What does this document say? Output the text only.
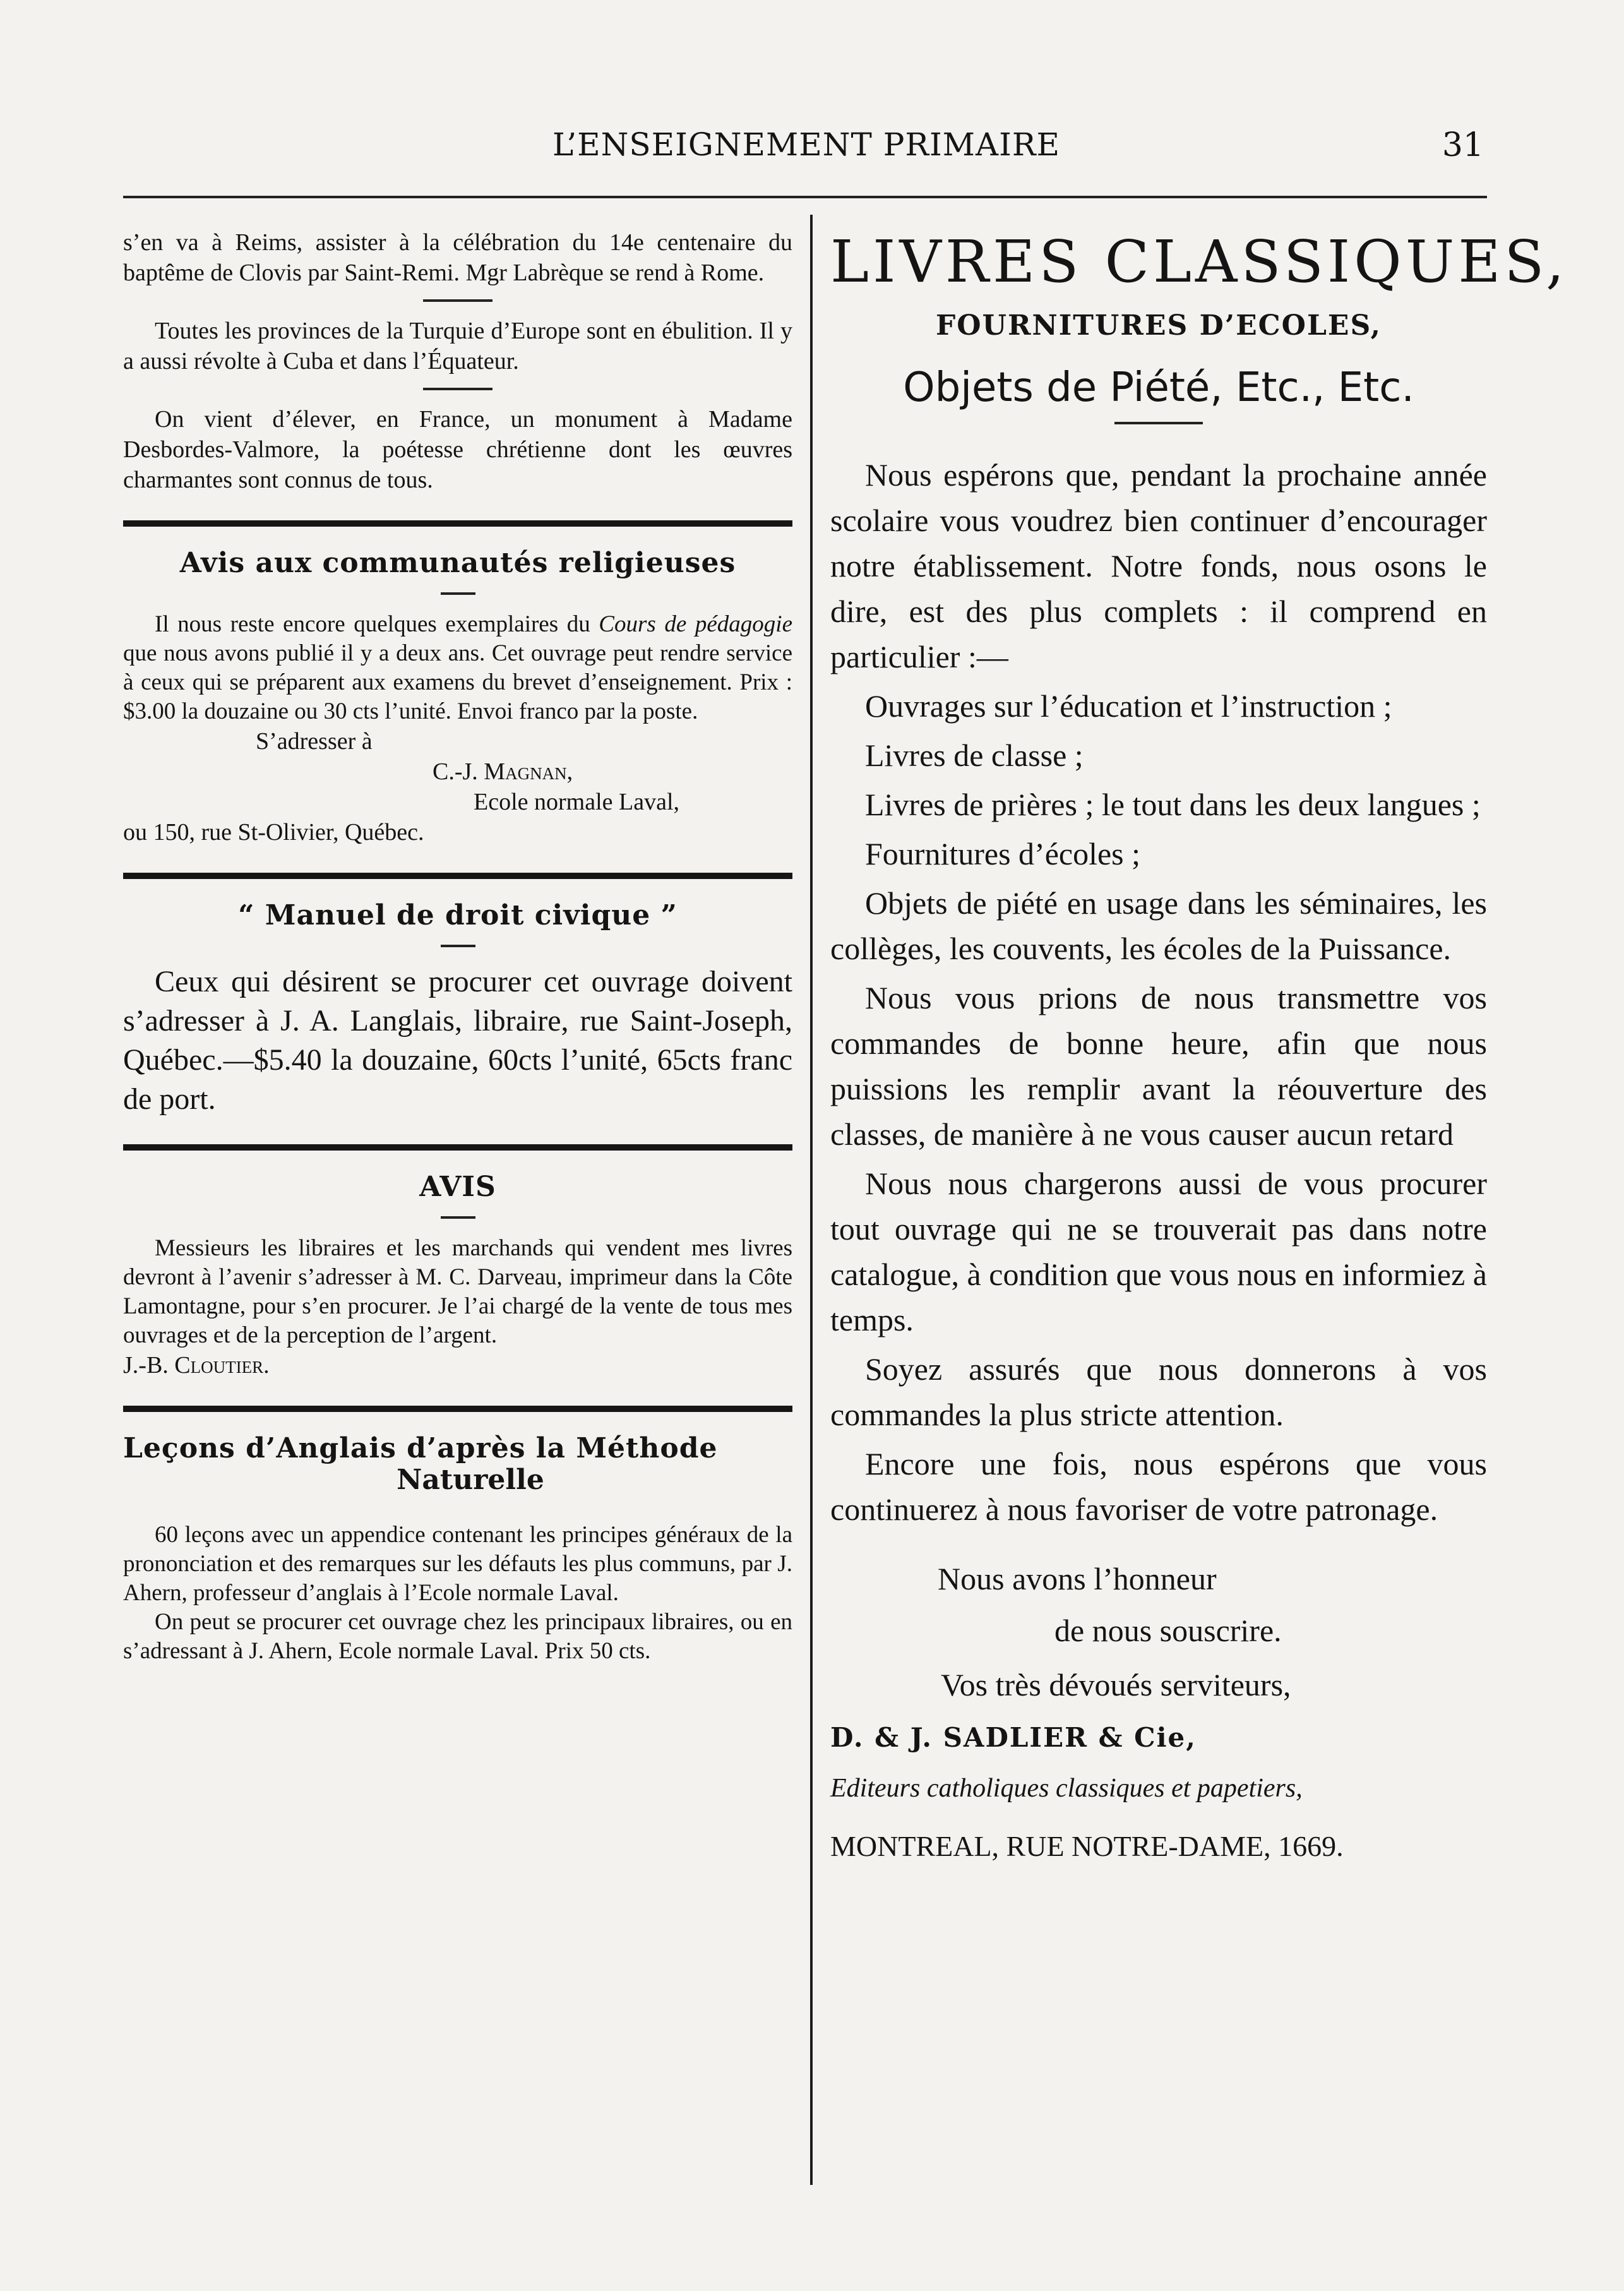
L’ENSEIGNEMENT PRIMAIRE	31

s’en va à Reims, assister à la célébration du 14e centenaire du baptême de Clovis par Saint-Remi. Mgr Labrèque se rend à Rome.

Toutes les provinces de la Turquie d’Europe sont en ébulition. Il y a aussi révolte à Cuba et dans l’Équateur.

On vient d’élever, en France, un monument à Madame Desbordes-Valmore, la poétesse chrétienne dont les œuvres charmantes sont connus de tous.

Avis aux communautés religieuses

Il nous reste encore quelques exemplaires du Cours de pédagogie que nous avons publié il y a deux ans. Cet ouvrage peut rendre service à ceux qui se préparent aux examens du brevet d’enseignement. Prix : $3.00 la douzaine ou 30 cts l’unité. Envoi franco par la poste.

S’adresser à

C.-J. Magnan,

Ecole normale Laval,

ou 150, rue St-Olivier, Québec.

“ Manuel de droit civique ”

Ceux qui désirent se procurer cet ouvrage doivent s’adresser à J. A. Langlais, libraire, rue Saint-Joseph, Québec.—$5.40 la douzaine, 60cts l’unité, 65cts franc de port.

AVIS

Messieurs les libraires et les marchands qui vendent mes livres devront à l’avenir s’adresser à M. C. Darveau, imprimeur dans la Côte Lamontagne, pour s’en procurer. Je l’ai chargé de la vente de tous mes ouvrages et de la perception de l’argent.

J.-B. Cloutier.

Leçons d’Anglais d’après la Méthode
Naturelle

60 leçons avec un appendice contenant les principes généraux de la prononciation et des remarques sur les défauts les plus communs, par J. Ahern, professeur d’anglais à l’Ecole normale Laval.

On peut se procurer cet ouvrage chez les principaux libraires, ou en s’adressant à J. Ahern, Ecole normale Laval. Prix 50 cts.

LIVRES CLASSIQUES,
FOURNITURES D’ECOLES,
Objets de Piété, Etc., Etc.

Nous espérons que, pendant la prochaine année scolaire vous voudrez bien continuer d’encourager notre établissement. Notre fonds, nous osons le dire, est des plus complets : il comprend en particulier :—

Ouvrages sur l’éducation et l’instruction ;

Livres de classe ;

Livres de prières ; le tout dans les deux langues ;

Fournitures d’écoles ;

Objets de piété en usage dans les séminaires, les collèges, les couvents, les écoles de la Puissance.

Nous vous prions de nous transmettre vos commandes de bonne heure, afin que nous puissions les remplir avant la réouverture des classes, de manière à ne vous causer aucun retard

Nous nous chargerons aussi de vous procurer tout ouvrage qui ne se trouverait pas dans notre catalogue, à condition que vous nous en informiez à temps.

Soyez assurés que nous donnerons à vos commandes la plus stricte attention.

Encore une fois, nous espérons que vous continuerez à nous favoriser de votre patronage.

Nous avons l’honneur

de nous souscrire.

Vos très dévoués serviteurs,

D. & J. SADLIER & Cie,

Editeurs catholiques classiques et papetiers,

MONTREAL, RUE NOTRE-DAME, 1669.
